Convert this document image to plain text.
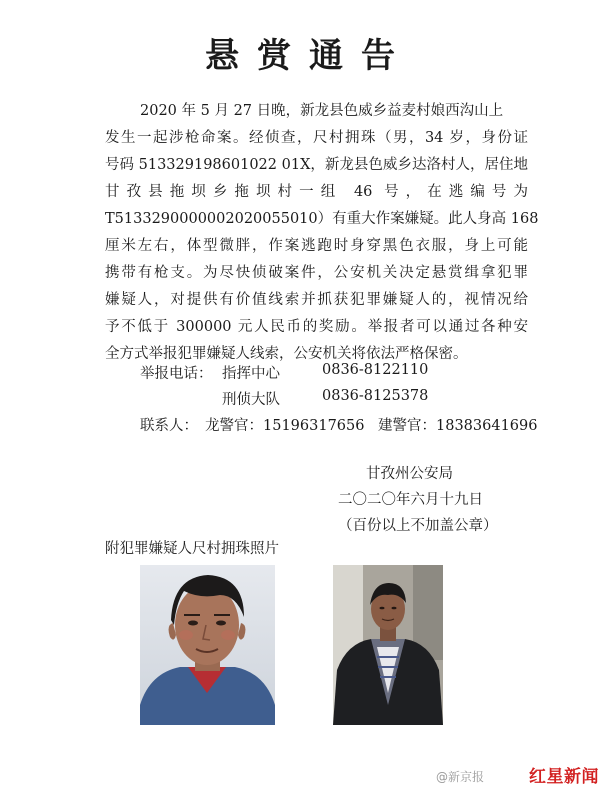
悬赏通告
2020 年 5 月 27 日晚，新龙县色威乡益麦村娘西沟山上
发生一起涉枪命案。经侦查，尺村拥珠（男，34 岁，身份证
号码 513329198601022 01X，新龙县色威乡达洛村人，居住地
甘孜县拖坝乡拖坝村一组 46 号，在逃编号为
T5133290000002020055010）有重大作案嫌疑。此人身高 168
厘米左右，体型微胖，作案逃跑时身穿黑色衣服，身上可能
携带有枪支。为尽快侦破案件，公安机关决定悬赏缉拿犯罪
嫌疑人，对提供有价值线索并抓获犯罪嫌疑人的，视情况给
予不低于 300000 元人民币的奖励。举报者可以通过各种安
全方式举报犯罪嫌疑人线索，公安机关将依法严格保密。
举报电话： 指挥中心	0836-8122110
刑侦大队	0836-8125378
联系人： 龙警官：15196317656 建警官：18383641696
甘孜州公安局
二〇二〇年六月十九日
（百份以上不加盖公章）
附犯罪嫌疑人尺村拥珠照片
@新京报	红星新闻
